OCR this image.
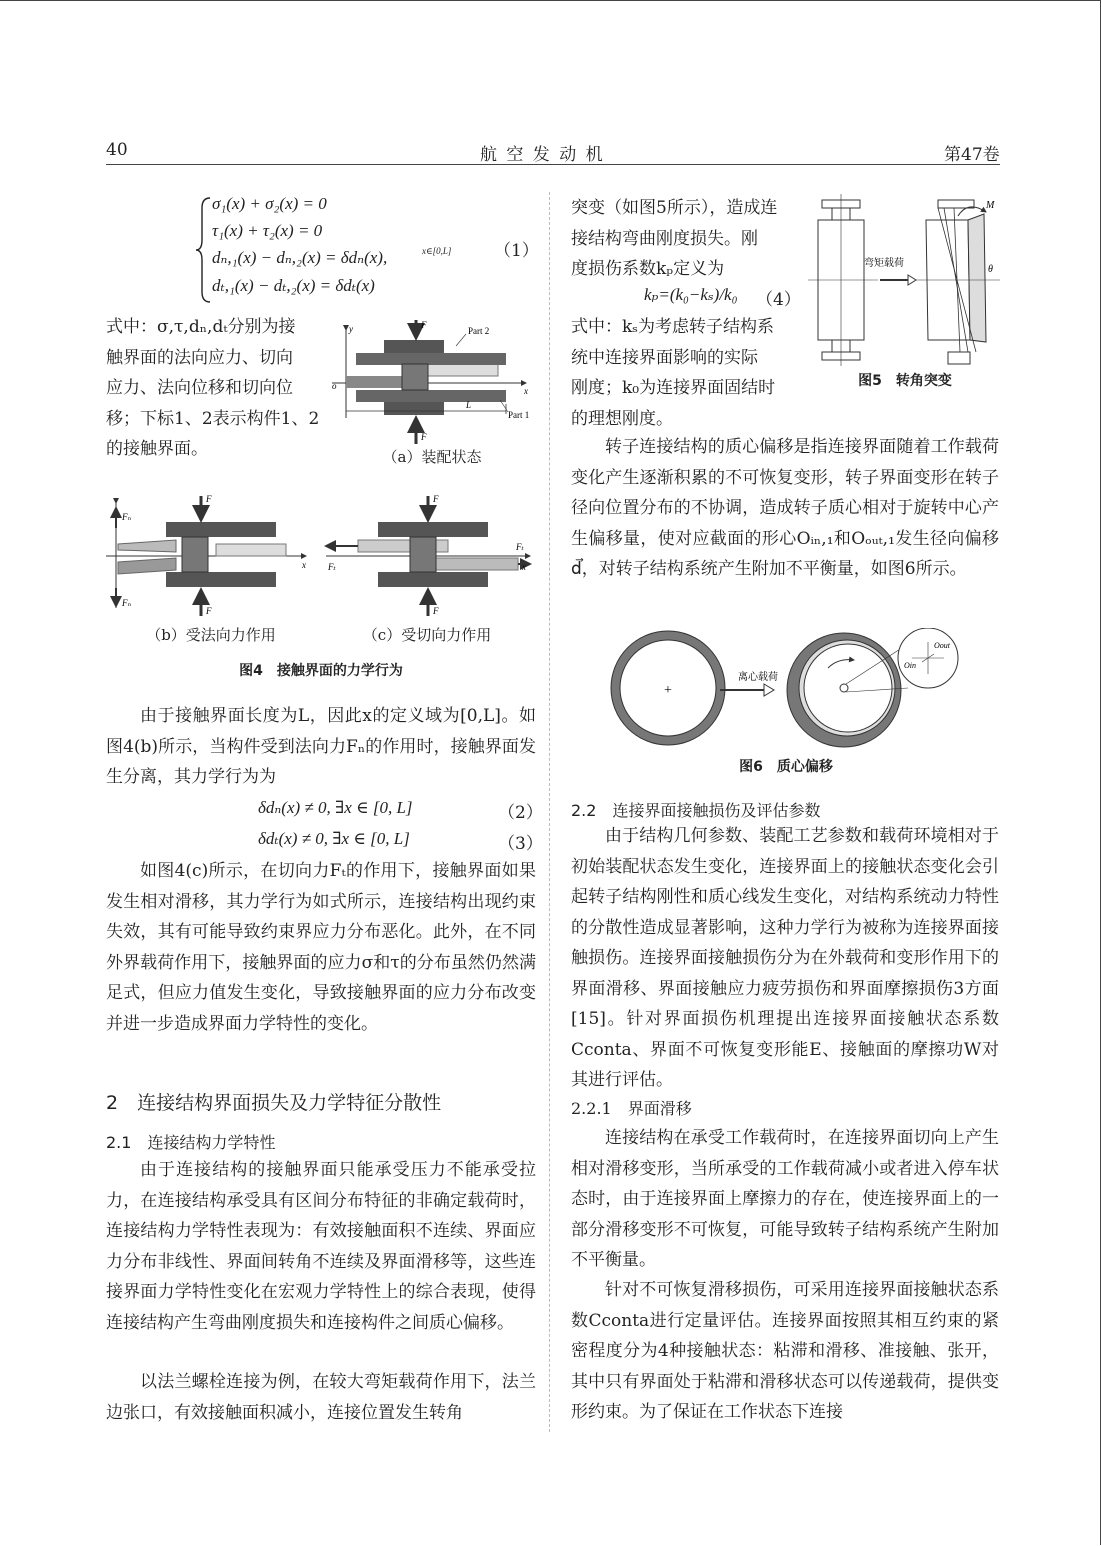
40	航 空 发 动 机	第47卷
σ₁(x) + σ₂(x) = 0
τ₁(x) + τ₂(x) = 0
dₙ,₁(x) − dₙ,₂(x) = δdₙ(x),	x∈[0,L]
dₜ,₁(x) − dₜ,₂(x) = δdₜ(x)
（1）
式中：σ,τ,dₙ,dₜ分别为接
触界面的法向应力、切向
应力、法向位移和切向位
移；下标1、2表示构件1、2
的接触界面。
F
F
Part 2
Part 1
L
o	x
y
（a）装配状态
F
F
Fₙ
Fₙ
x
（b）受法向力作用
F
F
Fₜ
Fₜ
x
（c）受切向力作用
图4　接触界面的力学行为
由于接触界面长度为L，因此x的定义域为[0,L]。如图4(b)所示，当构件受到法向力Fₙ的作用时，接触界面发生分离，其力学行为为
δdₙ(x) ≠ 0, ∃x ∈ [0, L]	（2）
δdₜ(x) ≠ 0, ∃x ∈ [0, L]	（3）
如图4(c)所示，在切向力Fₜ的作用下，接触界面如果发生相对滑移，其力学行为如式所示，连接结构出现约束失效，其有可能导致约束界应力分布恶化。此外，在不同外界载荷作用下，接触界面的应力σ和τ的分布虽然仍然满足式，但应力值发生变化，导致接触界面的应力分布改变并进一步造成界面力学特性的变化。
2　连接结构界面损失及力学特征分散性
2.1　连接结构力学特性
由于连接结构的接触界面只能承受压力不能承受拉力，在连接结构承受具有区间分布特征的非确定载荷时，连接结构力学特性表现为：有效接触面积不连续、界面应力分布非线性、界面间转角不连续及界面滑移等，这些连接界面力学特性变化在宏观力学特性上的综合表现，使得连接结构产生弯曲刚度损失和连接构件之间质心偏移。
以法兰螺栓连接为例，在较大弯矩载荷作用下，法兰边张口，有效接触面积减小，连接位置发生转角
突变（如图5所示），造成连
接结构弯曲刚度损失。刚
度损伤系数kₚ定义为
kₚ=(k₀−kₛ)/k₀ （4）
式中：kₛ为考虑转子结构系
统中连接界面影响的实际
刚度；k₀为连接界面固结时
的理想刚度。
弯矩载荷
M
θ
图5　转角突变
转子连接结构的质心偏移是指连接界面随着工作载荷变化产生逐渐积累的不可恢复变形，转子界面变形在转子径向位置分布的不协调，造成转子质心相对于旋转中心产生偏移量，使对应截面的形心Oᵢₙ,₁和Oₒᵤₜ,₁发生径向偏移d⃗，对转子结构系统产生附加不平衡量，如图6所示。
离心载荷
+
Oout
Oin
图6　质心偏移
2.2　连接界面接触损伤及评估参数
由于结构几何参数、装配工艺参数和载荷环境相对于初始装配状态发生变化，连接界面上的接触状态变化会引起转子结构刚性和质心线发生变化，对结构系统动力特性的分散性造成显著影响，这种力学行为被称为连接界面接触损伤。连接界面接触损伤分为在外载荷和变形作用下的界面滑移、界面接触应力疲劳损伤和界面摩擦损伤3方面[15]。针对界面损伤机理提出连接界面接触状态系数Cconta、界面不可恢复变形能E、接触面的摩擦功W对其进行评估。
2.2.1　界面滑移
连接结构在承受工作载荷时，在连接界面切向上产生相对滑移变形，当所承受的工作载荷减小或者进入停车状态时，由于连接界面上摩擦力的存在，使连接界面上的一部分滑移变形不可恢复，可能导致转子结构系统产生附加不平衡量。
针对不可恢复滑移损伤，可采用连接界面接触状态系数Cconta进行定量评估。连接界面按照其相互约束的紧密程度分为4种接触状态：粘滞和滑移、准接触、张开，其中只有界面处于粘滞和滑移状态可以传递载荷，提供变形约束。为了保证在工作状态下连接
